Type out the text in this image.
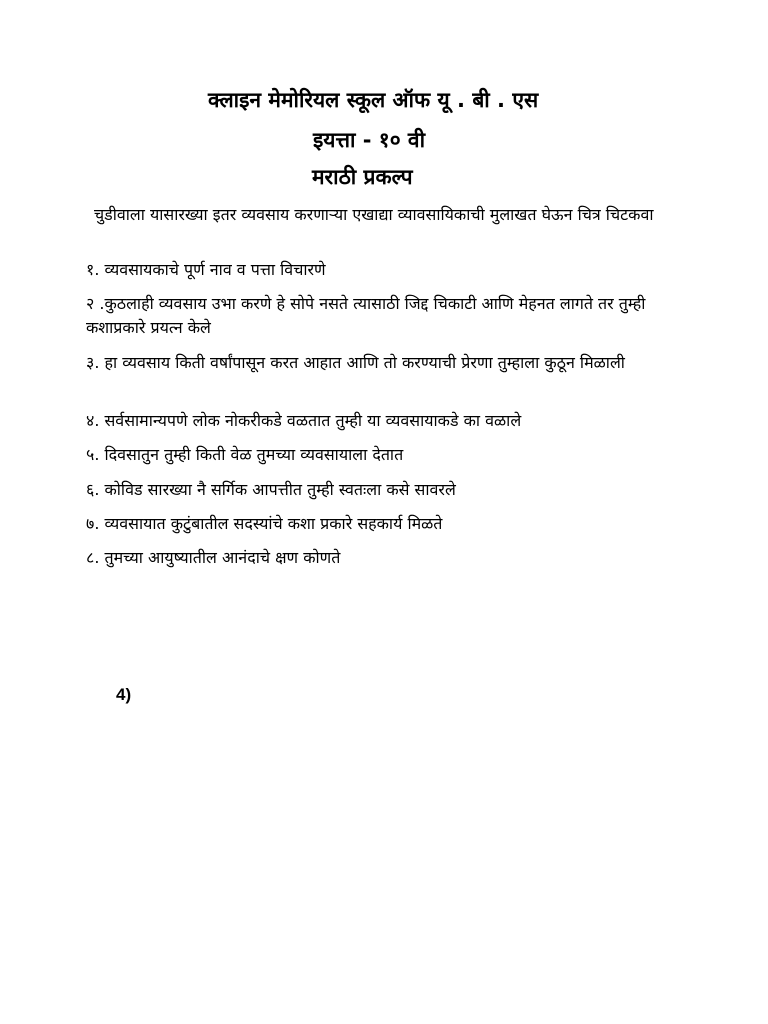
क्लाइन मेमोरियल स्कूल ऑफ यू . बी . एस
इयत्ता - १० वी
मराठी प्रकल्प
चुडीवाला यासारख्या इतर व्यवसाय करणाऱ्या एखाद्या व्यावसायिकाची मुलाखत घेऊन चित्र चिटकवा
१. व्यवसायकाचे पूर्ण नाव व पत्ता विचारणे
२ .कुठलाही व्यवसाय उभा करणे हे सोपे नसते त्यासाठी जिद्द चिकाटी आणि मेहनत लागते तर तुम्ही कशाप्रकारे प्रयत्न केले
३. हा व्यवसाय किती वर्षांपासून करत आहात आणि तो करण्याची प्रेरणा तुम्हाला कुठून मिळाली
४. सर्वसामान्यपणे लोक नोकरीकडे वळतात तुम्ही या व्यवसायाकडे का वळाले
५. दिवसातुन तुम्ही किती वेळ तुमच्या व्यवसायाला देतात
६. कोविड सारख्या नै सर्गिक आपत्तीत तुम्ही स्वतःला कसे सावरले
७. व्यवसायात कुटुंबातील सदस्यांचे कशा प्रकारे सहकार्य मिळते
८. तुमच्या आयुष्यातील आनंदाचे क्षण कोणते
4)
